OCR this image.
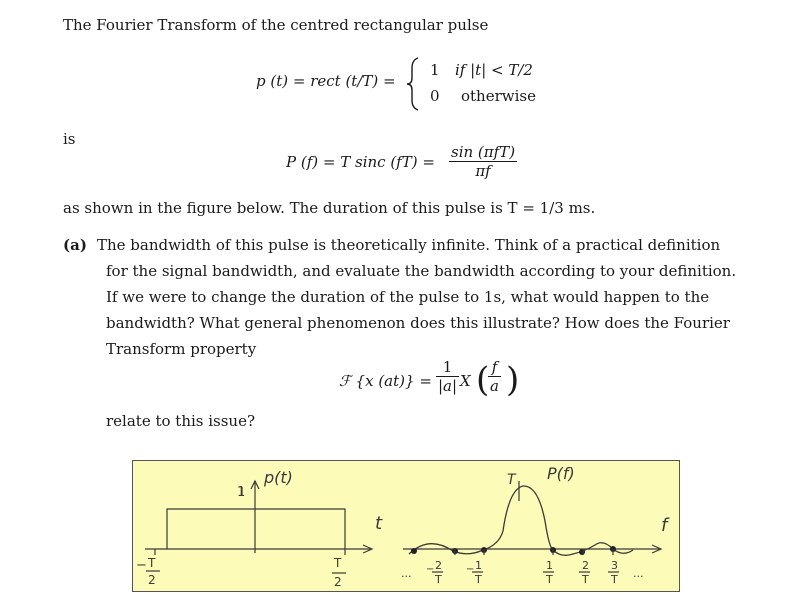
The Fourier Transform of the centred rectangular pulse
p (t) = rect (t/T) =
1 if |t| < T/2
0 otherwise
is
P (f) = T sinc $(fT) = \frac{\text{sin (πfT)}}{\pi f}$
as shown in the figure below. The duration of this pulse is T = 1/3 ms.
(a) The bandwidth of this pulse is theoretically infinite. Think of a practical definition
for the signal bandwidth, and evaluate the bandwidth according to your definition.
If we were to change the duration of the pulse to 1s, what would happen to the
bandwidth? What general phenomenon does this illustrate? How does the Fourier
Transform property
ℱ {x $(at)\} = \frac{1}{|a|}$ X (
$\frac{f}{a}$ )
relate to this issue?
1
p(t)
t
− T
2
T
2
T P(f)
f
...	...
− 2
T
− 1
T
1
T
2
T
3
T
